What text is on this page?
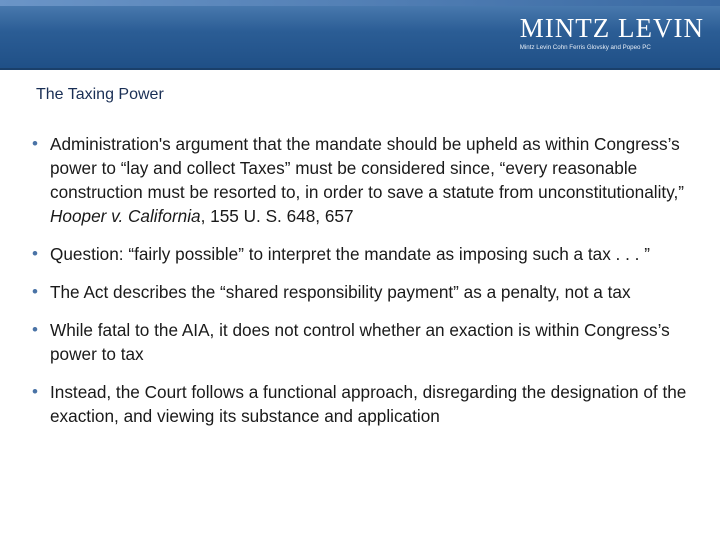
MINTZ LEVIN
Mintz Levin Cohn Ferris Glovsky and Popeo PC
The Taxing Power
• Administration's argument that the mandate should be upheld as within Congress’s power to “lay and collect Taxes” must be considered since, “every reasonable construction must be resorted to, in order to save a statute from unconstitutionality,” Hooper v. California, 155 U. S. 648, 657
• Question: “fairly possible” to interpret the mandate as imposing such a tax . . . ”
• The Act describes the “shared responsibility payment” as a penalty, not a tax
• While fatal to the AIA, it does not control whether an exaction is within Congress’s power to tax
• Instead, the Court follows a functional approach, disregarding the designation of the exaction, and viewing its substance and application
